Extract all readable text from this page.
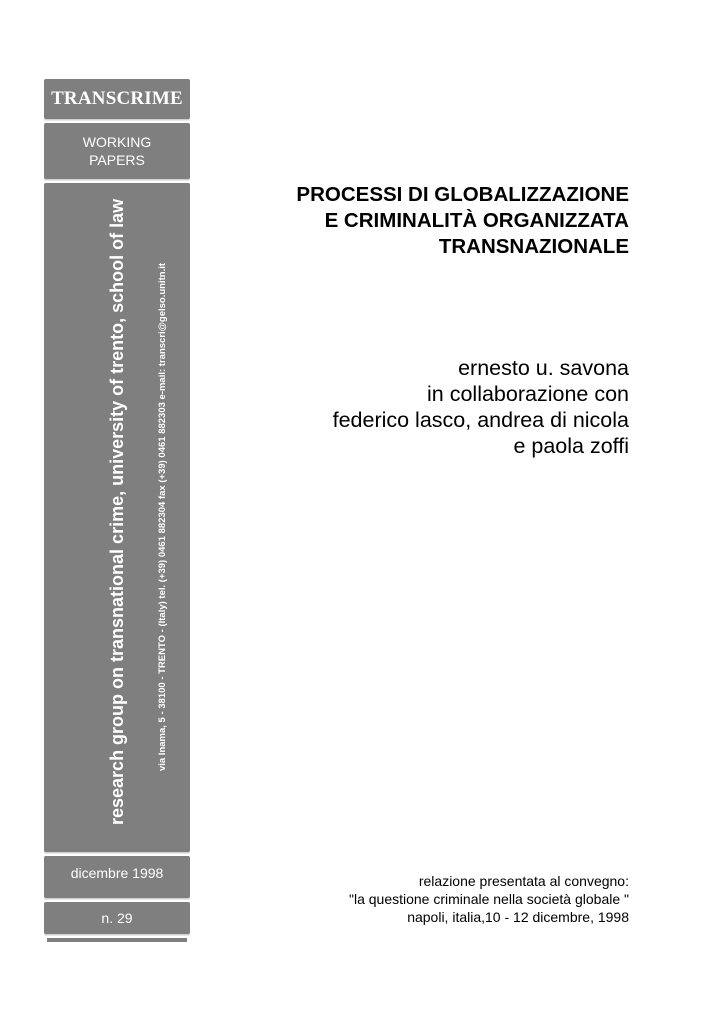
TRANSCRIME
WORKING
PAPERS
research group on transnational crime, university of trento, school of law	via Inama, 5 - 38100 - TRENTO - (Italy) tel. (+39) 0461 882304 fax (+39) 0461 882303 e-mail: transcri@gelso.unitn.it
dicembre 1998
n. 29
PROCESSI DI GLOBALIZZAZIONE
E CRIMINALITÀ ORGANIZZATA
TRANSNAZIONALE
ernesto u. savona
in collaborazione con
federico lasco, andrea di nicola
e paola zoffi
relazione presentata al convegno:
"la questione criminale nella società globale "
napoli, italia,10 - 12 dicembre, 1998
